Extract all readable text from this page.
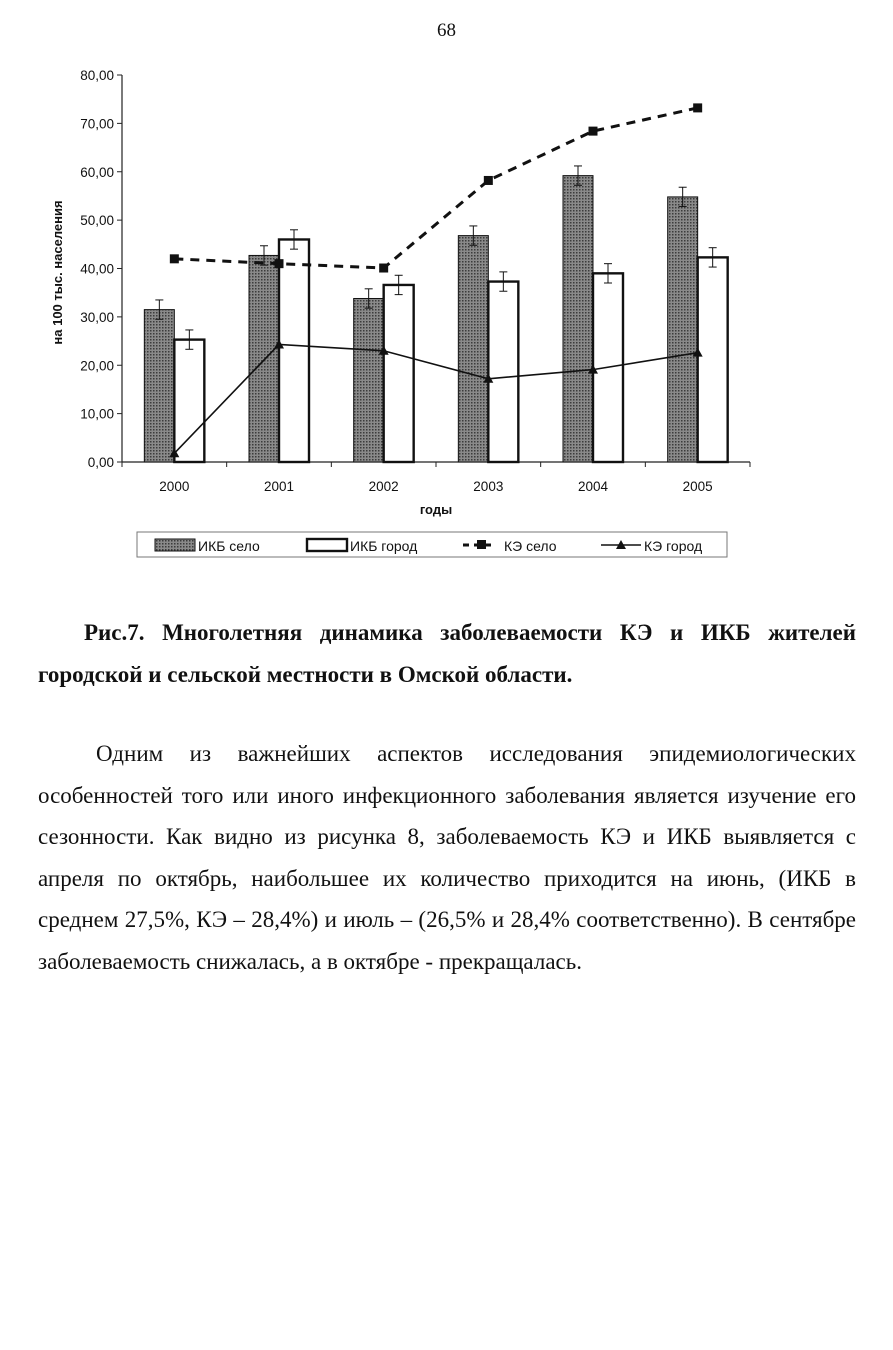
68
0,00
10,00
20,00
30,00
40,00
50,00
60,00
70,00
80,00
2000	2001	2002	2003	2004	2005
годы
на 100 тыс. населения
ИКБ село	ИКБ город	КЭ село	КЭ город

Рис.7. Многолетняя динамика заболеваемости КЭ и ИКБ жителей городской и сельской местности в Омской области.

Одним из важнейших аспектов исследования эпидемиологических особенностей того или иного инфекционного заболевания является изучение его сезонности. Как видно из рисунка 8, заболеваемость КЭ и ИКБ выявляется с апреля по октябрь, наибольшее их количество приходится на июнь, (ИКБ в среднем 27,5%, КЭ – 28,4%) и июль – (26,5% и 28,4% соответственно). В сентябре заболеваемость снижалась, а в октябре - прекращалась.
